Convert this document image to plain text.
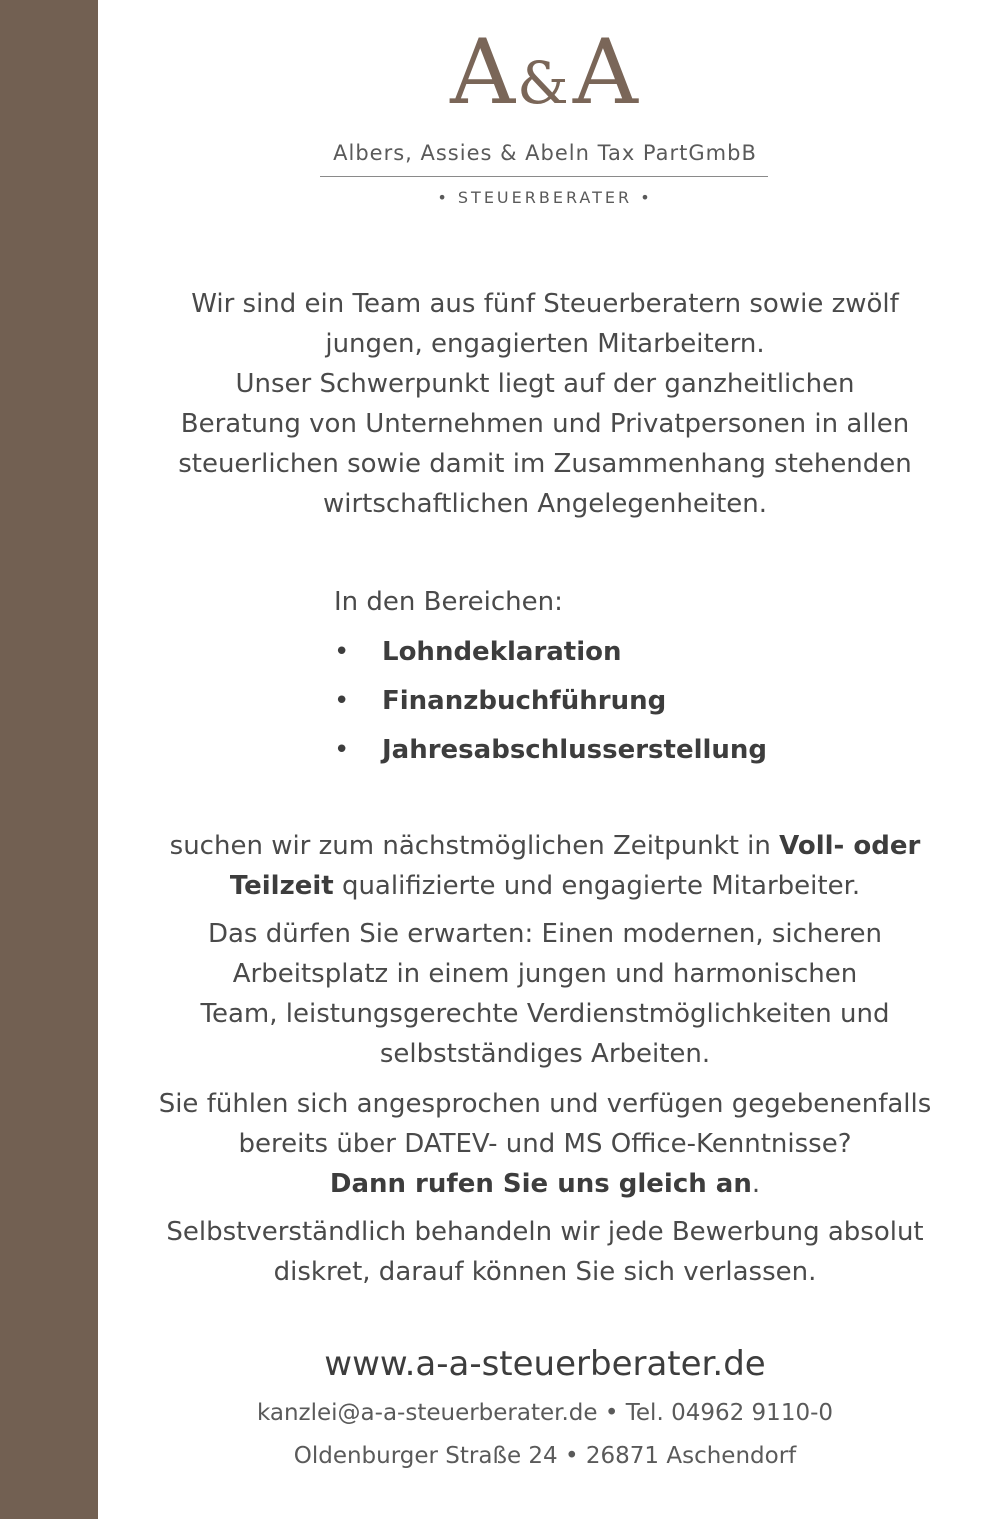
A&A
Albers, Assies & Abeln Tax PartGmbB
• STEUERBERATER •
Wir sind ein Team aus fünf Steuerberatern sowie zwölf
jungen, engagierten Mitarbeitern.
Unser Schwerpunkt liegt auf der ganzheitlichen
Beratung von Unternehmen und Privatpersonen in allen
steuerlichen sowie damit im Zusammenhang stehenden
wirtschaftlichen Angelegenheiten.
In den Bereichen:
• Lohndeklaration
• Finanzbuchführung
• Jahresabschlusserstellung
suchen wir zum nächstmöglichen Zeitpunkt in Voll- oder
Teilzeit qualifizierte und engagierte Mitarbeiter.
Das dürfen Sie erwarten: Einen modernen, sicheren
Arbeitsplatz in einem jungen und harmonischen
Team, leistungsgerechte Verdienstmöglichkeiten und
selbstständiges Arbeiten.
Sie fühlen sich angesprochen und verfügen gegebenenfalls
bereits über DATEV- und MS Office-Kenntnisse?
Dann rufen Sie uns gleich an.
Selbstverständlich behandeln wir jede Bewerbung absolut
diskret, darauf können Sie sich verlassen.
www.a-a-steuerberater.de
kanzlei@a-a-steuerberater.de • Tel. 04962 9110-0
Oldenburger Straße 24 • 26871 Aschendorf
